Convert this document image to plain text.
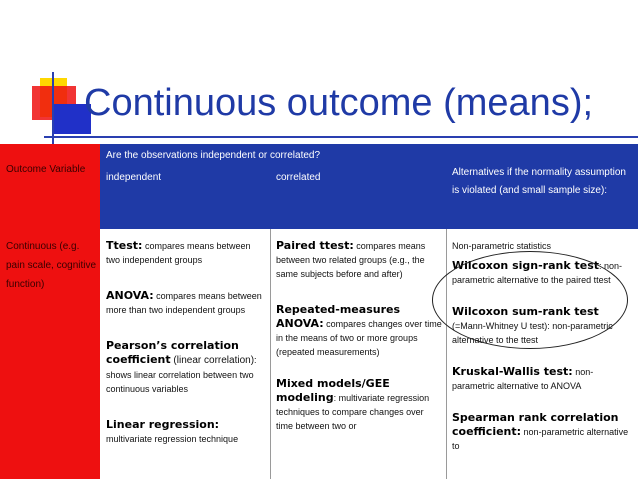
Continuous outcome (means);
Outcome Variable
Are the observations independent or correlated?
independent	correlated	Alternatives if the normality assumption is violated (and small sample size):
Continuous (e.g. pain scale, cognitive function)

Ttest: compares means between two independent groups

ANOVA: compares means between more than two independent groups

Pearson’s correlation coefficient (linear correlation): shows linear correlation between two continuous variables

Linear regression: multivariate regression technique

Paired ttest: compares means between two related groups (e.g., the same subjects before and after)

Repeated-measures ANOVA: compares changes over time in the means of two or more groups (repeated measurements)

Mixed models/GEE modeling: multivariate regression techniques to compare changes over time between two or

Non-parametric statistics

Wilcoxon sign-rank test: non-parametric alternative to the paired ttest

Wilcoxon sum-rank test (=Mann-Whitney U test): non-parametric alternative to the ttest

Kruskal-Wallis test: non-parametric alternative to ANOVA

Spearman rank correlation coefficient: non-parametric alternative to
